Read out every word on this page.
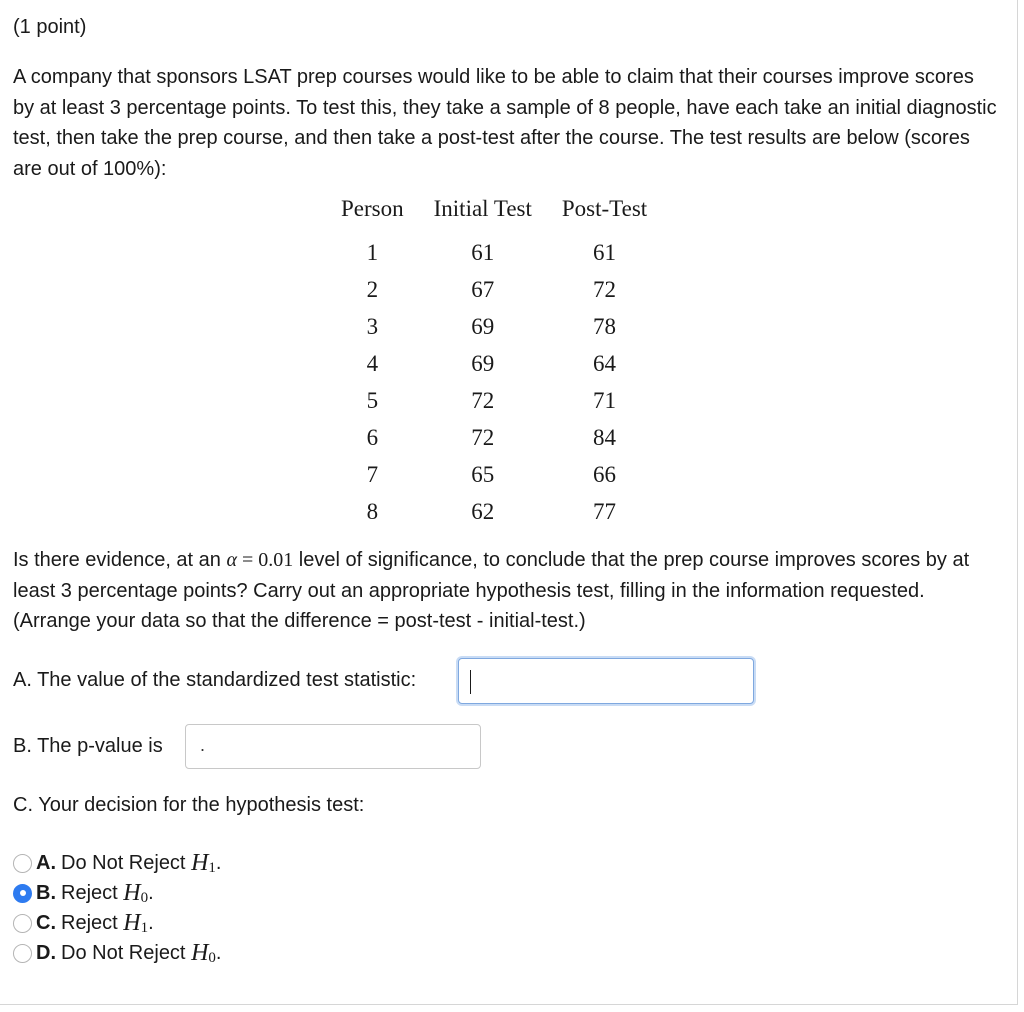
(1 point)
A company that sponsors LSAT prep courses would like to be able to claim that their courses improve scores by at least 3 percentage points. To test this, they take a sample of 8 people, have each take an initial diagnostic test, then take the prep course, and then take a post-test after the course. The test results are below (scores are out of 100%):
Person	Initial Test	Post-Test
1	61	61
2	67	72
3	69	78
4	69	64
5	72	71
6	72	84
7	65	66
8	62	77
Is there evidence, at an α = 0.01 level of significance, to conclude that the prep course improves scores by at least 3 percentage points? Carry out an appropriate hypothesis test, filling in the information requested. (Arrange your data so that the difference = post-test - initial-test.)
A. The value of the standardized test statistic:
B. The p-value is .
C. Your decision for the hypothesis test:
A. Do Not Reject
H 1 .
B. Reject
H 0 .
C. Reject
H 1 .
D. Do Not Reject
H 0 .
